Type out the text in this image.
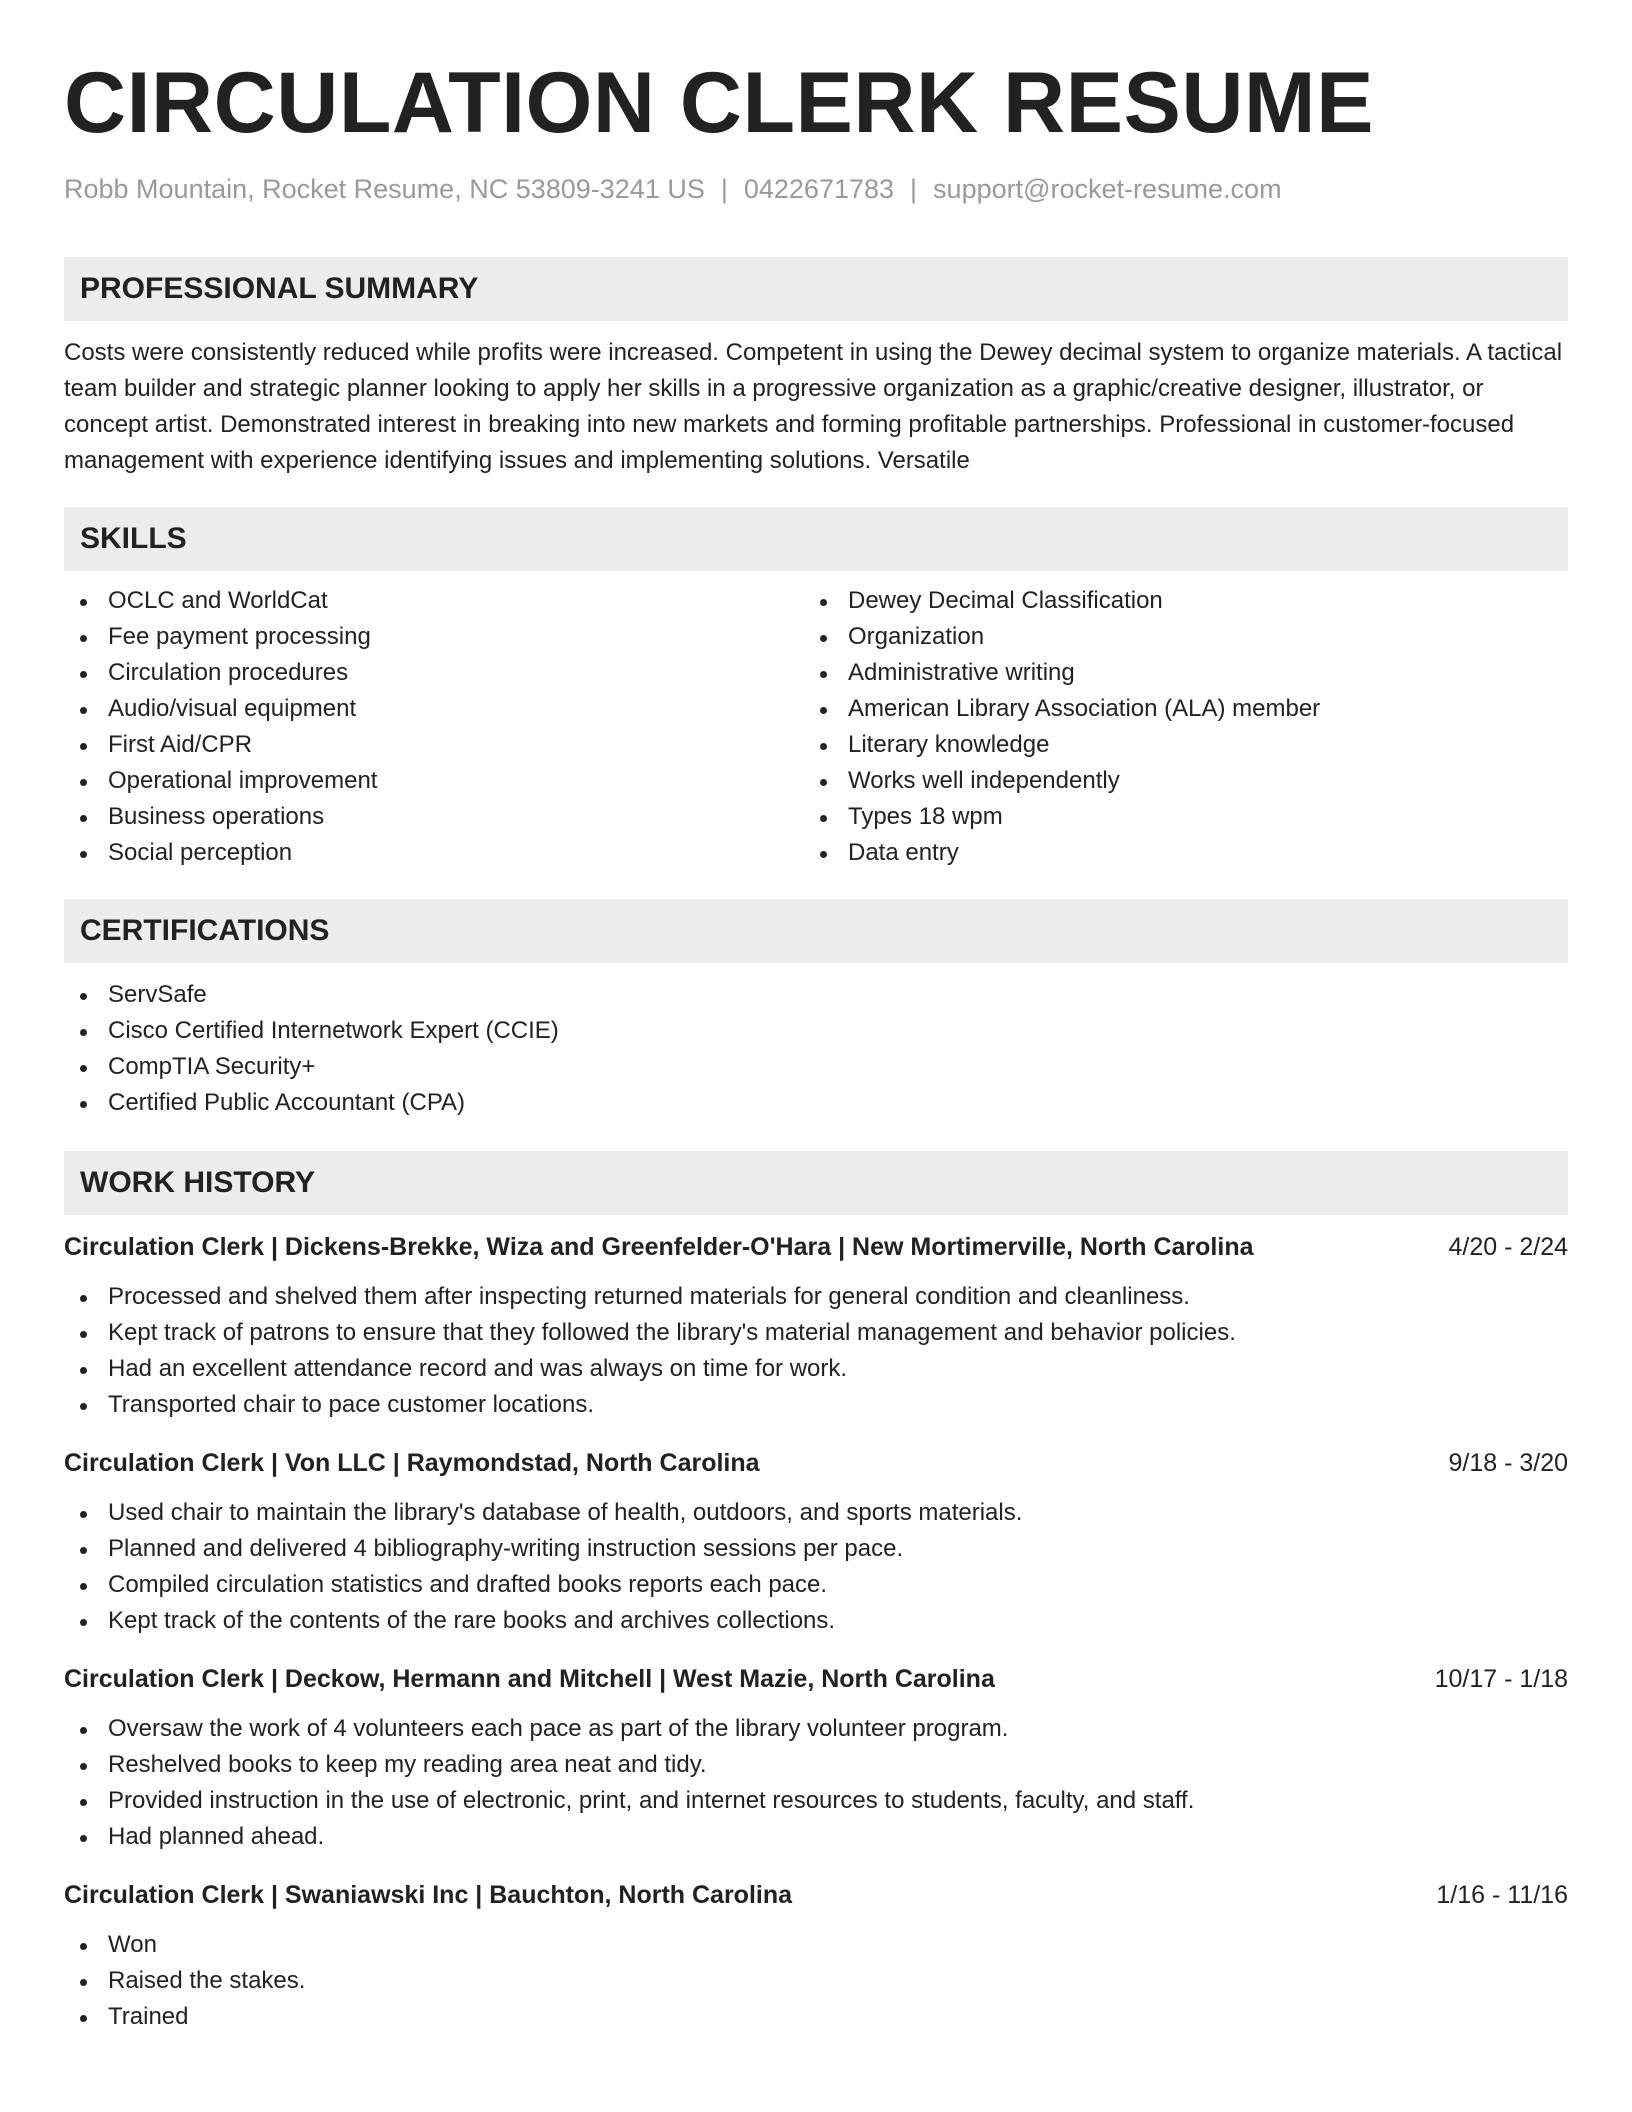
CIRCULATION CLERK RESUME
Robb Mountain, Rocket Resume, NC 53809-3241 US | 0422671783 | support@rocket-resume.com
PROFESSIONAL SUMMARY
Costs were consistently reduced while profits were increased. Competent in using the Dewey decimal system to organize materials. A tactical team builder and strategic planner looking to apply her skills in a progressive organization as a graphic/creative designer, illustrator, or concept artist. Demonstrated interest in breaking into new markets and forming profitable partnerships. Professional in customer-focused management with experience identifying issues and implementing solutions. Versatile
SKILLS
OCLC and WorldCat
Fee payment processing
Circulation procedures
Audio/visual equipment
First Aid/CPR
Operational improvement
Business operations
Social perception
Dewey Decimal Classification
Organization
Administrative writing
American Library Association (ALA) member
Literary knowledge
Works well independently
Types 18 wpm
Data entry
CERTIFICATIONS
ServSafe
Cisco Certified Internetwork Expert (CCIE)
CompTIA Security+
Certified Public Accountant (CPA)
WORK HISTORY
Circulation Clerk | Dickens-Brekke, Wiza and Greenfelder-O'Hara | New Mortimerville, North Carolina	4/20 - 2/24
Processed and shelved them after inspecting returned materials for general condition and cleanliness.
Kept track of patrons to ensure that they followed the library's material management and behavior policies.
Had an excellent attendance record and was always on time for work.
Transported chair to pace customer locations.
Circulation Clerk | Von LLC | Raymondstad, North Carolina	9/18 - 3/20
Used chair to maintain the library's database of health, outdoors, and sports materials.
Planned and delivered 4 bibliography-writing instruction sessions per pace.
Compiled circulation statistics and drafted books reports each pace.
Kept track of the contents of the rare books and archives collections.
Circulation Clerk | Deckow, Hermann and Mitchell | West Mazie, North Carolina	10/17 - 1/18
Oversaw the work of 4 volunteers each pace as part of the library volunteer program.
Reshelved books to keep my reading area neat and tidy.
Provided instruction in the use of electronic, print, and internet resources to students, faculty, and staff.
Had planned ahead.
Circulation Clerk | Swaniawski Inc | Bauchton, North Carolina	1/16 - 11/16
Won
Raised the stakes.
Trained
